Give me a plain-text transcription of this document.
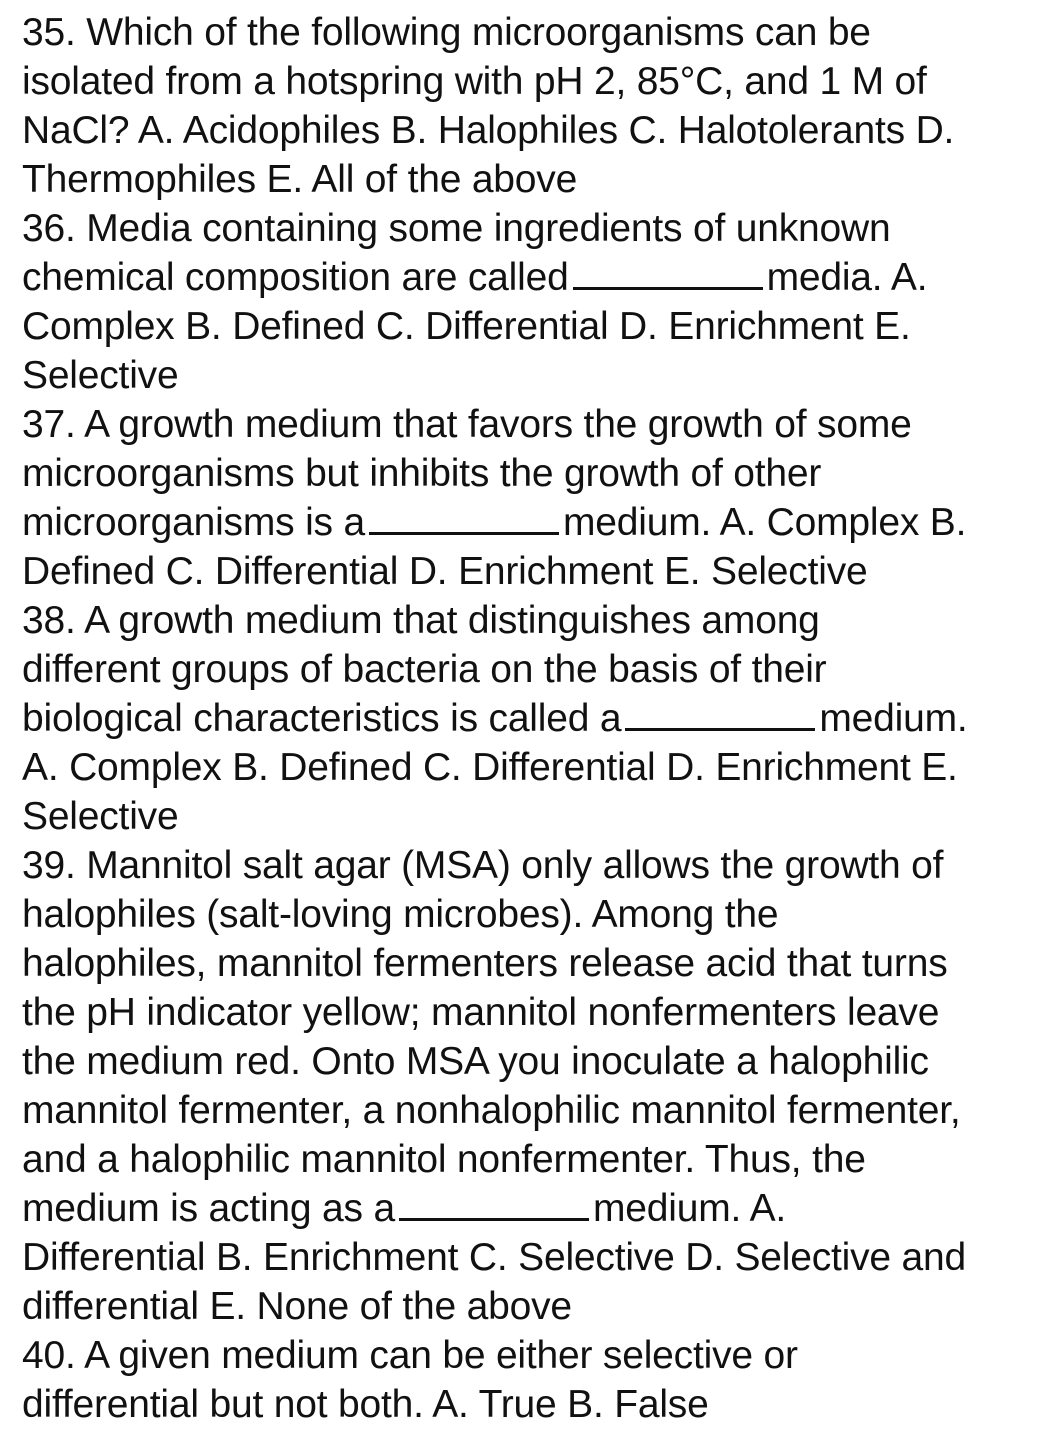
35. Which of the following microorganisms can be
isolated from a hotspring with pH 2, 85°C, and 1 M of
NaCl? A. Acidophiles B. Halophiles C. Halotolerants D.
Thermophiles E. All of the above
36. Media containing some ingredients of unknown
chemical composition are called	media. A.
Complex B. Defined C. Differential D. Enrichment E.
Selective
37. A growth medium that favors the growth of some
microorganisms but inhibits the growth of other
microorganisms is a	medium. A. Complex B.
Defined C. Differential D. Enrichment E. Selective
38. A growth medium that distinguishes among
different groups of bacteria on the basis of their
biological characteristics is called a	medium.
A. Complex B. Defined C. Differential D. Enrichment E.
Selective
39. Mannitol salt agar (MSA) only allows the growth of
halophiles (salt-loving microbes). Among the
halophiles, mannitol fermenters release acid that turns
the pH indicator yellow; mannitol nonfermenters leave
the medium red. Onto MSA you inoculate a halophilic
mannitol fermenter, a nonhalophilic mannitol fermenter,
and a halophilic mannitol nonfermenter. Thus, the
medium is acting as a	medium. A.
Differential B. Enrichment C. Selective D. Selective and
differential E. None of the above
40. A given medium can be either selective or
differential but not both. A. True B. False
